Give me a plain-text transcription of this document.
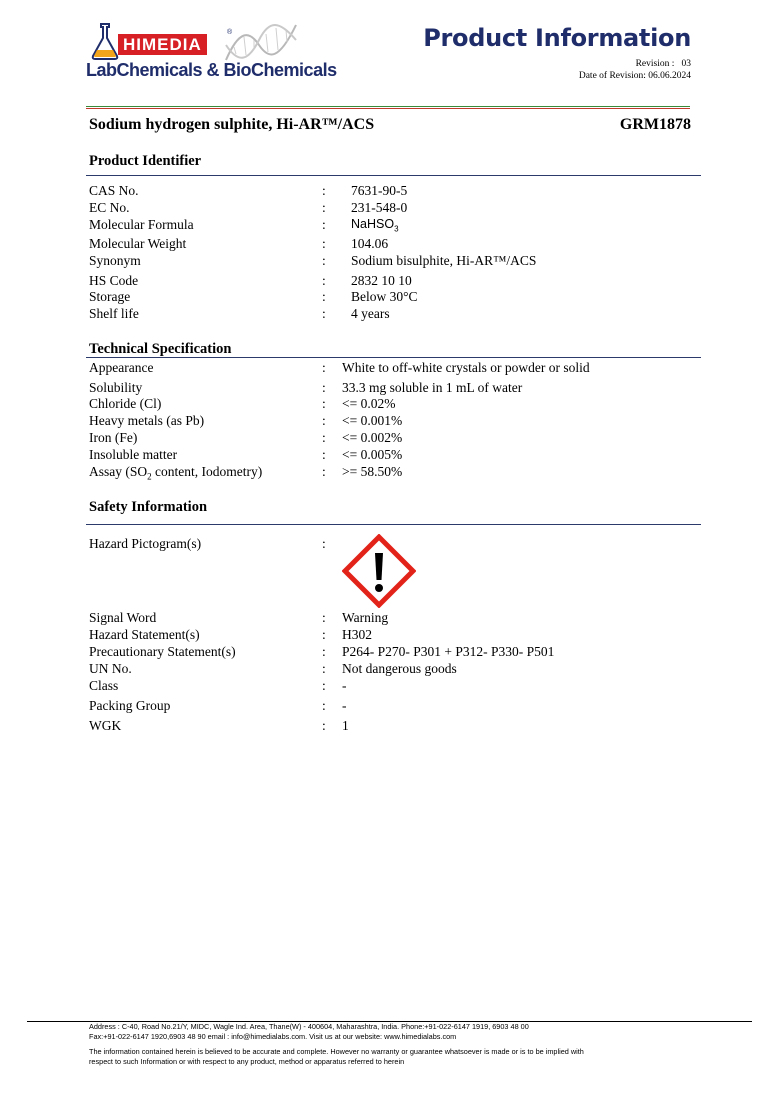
HIMEDIA
®
LabChemicals & BioChemicals
Product Information
Revision : 03
Date of Revision: 06.06.2024
Sodium hydrogen sulphite, Hi-AR™/ACS	GRM1878
Product Identifier
CAS No.	: 7631-90-5
EC No.	: 231-548-0
Molecular Formula	: NaHSO$_3$
Molecular Weight	: 104.06
Synonym	: Sodium bisulphite, Hi-AR™/ACS
HS Code	: 2832 10 10
Storage	: Below 30°C
Shelf life	: 4 years
Technical Specification
Appearance	: White to off-white crystals or powder or solid
Solubility	: 33.3 mg soluble in 1 mL of water
Chloride (Cl)	: <= 0.02%
Heavy metals (as Pb)	: <= 0.001%
Iron (Fe)	: <= 0.002%
Insoluble matter	: <= 0.005%
Assay ($SO_2$ content, Iodometry)	: >= 58.50%
Safety Information
Hazard Pictogram(s)	:
Signal Word	: Warning
Hazard Statement(s)	: H302
Precautionary Statement(s)	: P264- P270- P301 + P312- P330- P501
UN No.	: Not dangerous goods
Class	: -
Packing Group	: -
WGK	: 1
Address : C-40, Road No.21/Y, MIDC, Wagle Ind. Area, Thane(W) - 400604, Maharashtra, India. Phone:+91-022-6147 1919, 6903 48 00
Fax:+91-022-6147 1920,6903 48 90 email : info@himedialabs.com. Visit us at our website: www.himedialabs.com
The information contained herein is believed to be accurate and complete. However no warranty or guarantee whatsoever is made or is to be implied with
respect to such Information or with respect to any product, method or apparatus referred to herein
